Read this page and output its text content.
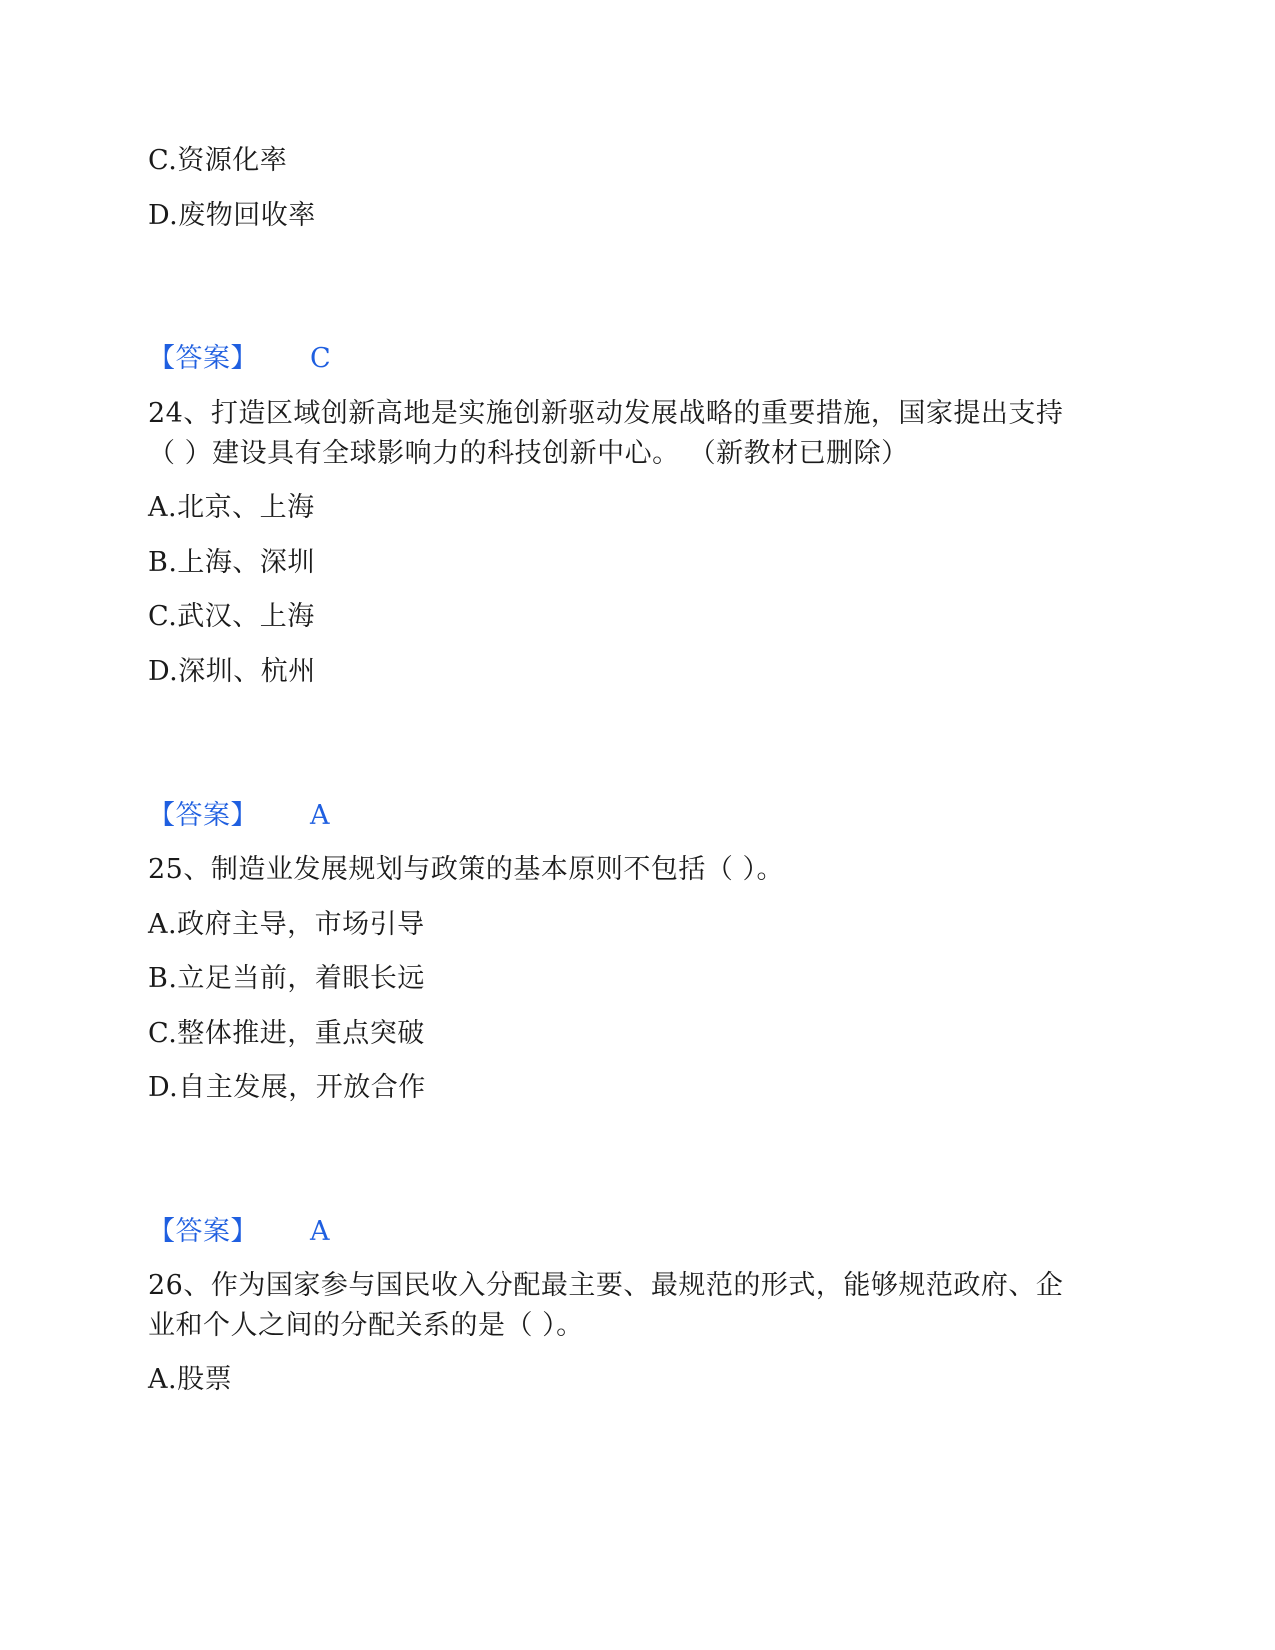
C.资源化率
D.废物回收率
【答案】 C
24、打造区域创新高地是实施创新驱动发展战略的重要措施，国家提出支持
（ ）建设具有全球影响力的科技创新中心。 （新教材已删除）
A.北京、上海
B.上海、深圳
C.武汉、上海
D.深圳、杭州
【答案】 A
25、制造业发展规划与政策的基本原则不包括（ ）。
A.政府主导，市场引导
B.立足当前，着眼长远
C.整体推进，重点突破
D.自主发展，开放合作
【答案】 A
26、作为国家参与国民收入分配最主要、最规范的形式，能够规范政府、企
业和个人之间的分配关系的是（ ）。
A.股票
